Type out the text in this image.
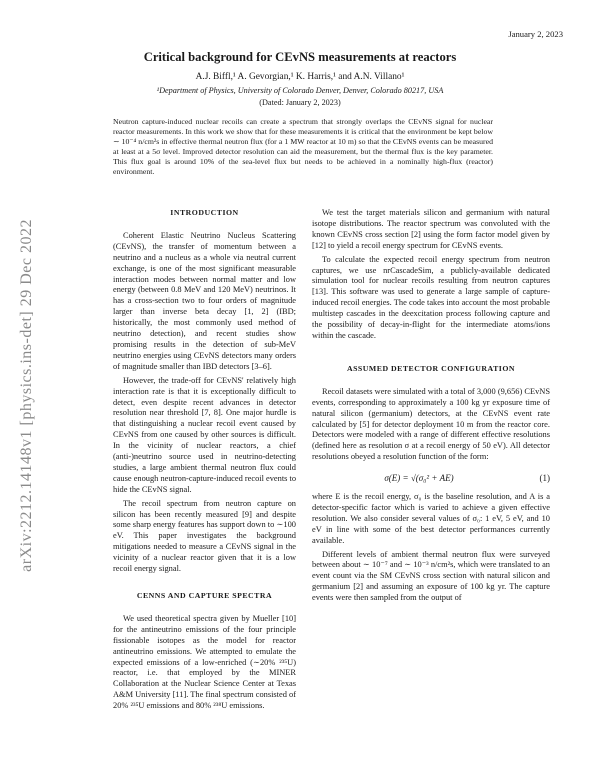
January 2, 2023
arXiv:2212.14148v1 [physics.ins-det] 29 Dec 2022
Critical background for CEvNS measurements at reactors
A.J. Biffl,¹ A. Gevorgian,¹ K. Harris,¹ and A.N. Villano¹
¹Department of Physics, University of Colorado Denver, Denver, Colorado 80217, USA
(Dated: January 2, 2023)
Neutron capture-induced nuclear recoils can create a spectrum that strongly overlaps the CEvNS signal for nuclear reactor measurements. In this work we show that for these measurements it is critical that the environment be kept below ∼ 10⁻⁴ n/cm²s in effective thermal neutron flux (for a 1 MW reactor at 10 m) so that the CEvNS events can be measured at least at a 5σ level. Improved detector resolution can aid the measurement, but the thermal flux is the key parameter. This flux goal is around 10% of the sea-level flux but needs to be achieved in a nominally high-flux (reactor) environment.
INTRODUCTION

Coherent Elastic Neutrino Nucleus Scattering (CEvNS), the transfer of momentum between a neutrino and a nucleus as a whole via neutral current exchange, is one of the most significant measurable interaction modes between normal matter and low energy (between 0.8 MeV and 120 MeV) neutrinos. It has a cross-section two to four orders of magnitude larger than inverse beta decay [1, 2] (IBD; historically, the most commonly used method of neutrino detection), and recent studies show promising results in the detection of sub-MeV neutrino energies using CEvNS detectors many orders of magnitude smaller than IBD detectors [3–6].

However, the trade-off for CEvNS' relatively high interaction rate is that it is exceptionally difficult to detect, even despite recent advances in detector resolution near threshold [7, 8]. One major hurdle is that distinguishing a nuclear recoil event caused by CEvNS from one caused by other sources is difficult. In the vicinity of nuclear reactors, a chief (anti-)neutrino source used in neutrino-detecting studies, a large ambient thermal neutron flux could cause enough neutron-capture-induced recoil events to hide the CEvNS signal.

The recoil spectrum from neutron capture on silicon has been recently measured [9] and despite some sharp energy features has support down to ∼100 eV. This paper investigates the background mitigations needed to measure a CEvNS signal in the vicinity of a nuclear reactor given that it is a low recoil energy signal.

CENNS AND CAPTURE SPECTRA

We used theoretical spectra given by Mueller [10] for the antineutrino emissions of the four principle fissionable isotopes as the model for reactor antineutrino emissions. We attempted to emulate the expected emissions of a low-enriched (∼20% ²³⁵U) reactor, i.e. that employed by the MINER Collaboration at the Nuclear Science Center at Texas A&M University [11]. The final spectrum consisted of 20% ²³⁵U emissions and 80% ²³⁸U emissions.

We test the target materials silicon and germanium with natural isotope distributions. The reactor spectrum was convoluted with the known CEvNS cross section [2] using the form factor model given by [12] to yield a recoil energy spectrum for CEvNS events.

To calculate the expected recoil energy spectrum from neutron captures, we use nrCascadeSim, a publicly-available dedicated simulation tool for nuclear recoils resulting from neutron captures [13]. This software was used to generate a large sample of capture-induced recoil energies. The code takes into account the most probable multistep cascades in the deexcitation process following capture and the possibility of decay-in-flight for the intermediate atoms/ions within the cascade.

ASSUMED DETECTOR CONFIGURATION

Recoil datasets were simulated with a total of 3,000 (9,656) CEvNS events, corresponding to approximately a 100 kg yr exposure time of natural silicon (germanium) detectors, at the CEvNS event rate calculated by [5] for detector deployment 10 m from the reactor core. Detectors were modeled with a range of different effective resolutions (defined here as resolution σ at a recoil energy of 50 eV). All detector resolutions obeyed a resolution function of the form:

σ(E) = √(σ₀² + AE)	(1)

where E is the recoil energy, σ₀ is the baseline resolution, and A is a detector-specific factor which is varied to achieve a given effective resolution. We also consider several values of σ₀: 1 eV, 5 eV, and 10 eV in line with some of the best detector performances currently available.

Different levels of ambient thermal neutron flux were surveyed between about ∼ 10⁻⁷ and ∼ 10⁻³ n/cm²s, which were translated to an event count via the SM CEvNS cross section with natural silicon and germanium [2] and assuming an exposure of 100 kg yr. The capture events were then sampled from the output of
